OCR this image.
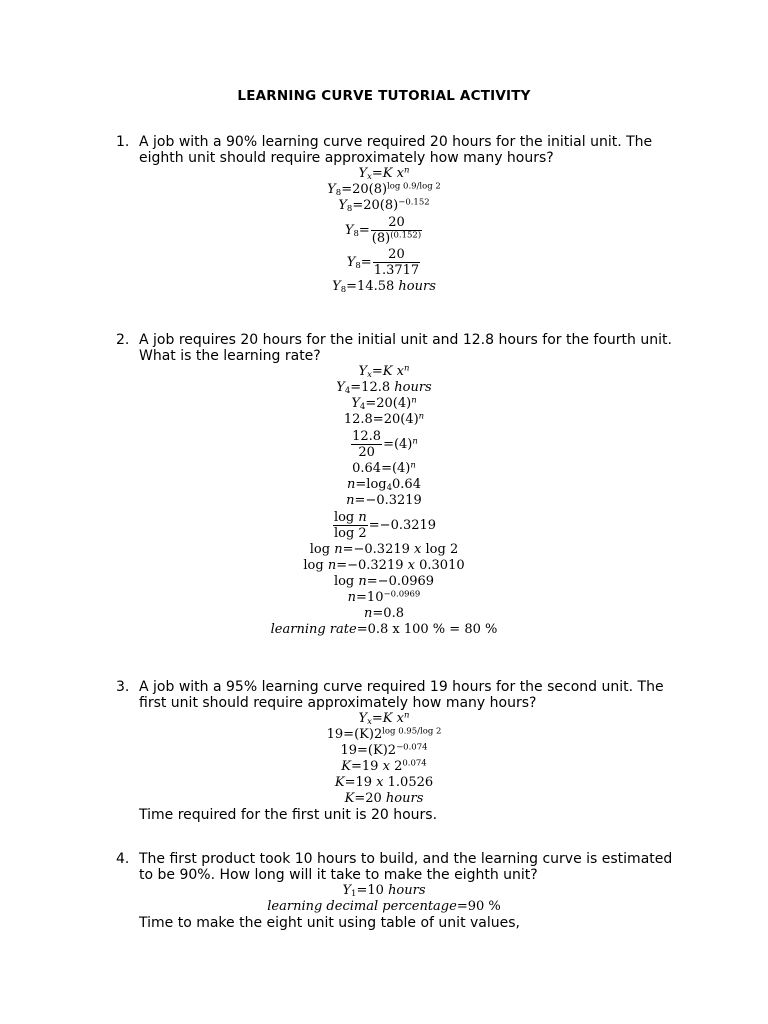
LEARNING CURVE TUTORIAL ACTIVITY
1. A job with a 90% learning curve required 20 hours for the initial unit. The eighth unit should require approximately how many hours?
$Y_x=K$ $x^n$
$Y_8=20(8)^{log 0.9/log 2}$
$Y_8=20(8)^{-0.152}$
$Y_8= \frac{20}{(8)^{(0.152)}}$
$Y_8= \frac{20}{1.3717}$
$Y_8=14.58$ hours
2. A job requires 20 hours for the initial unit and 12.8 hours for the fourth unit. What is the learning rate?
$Y_x=K$ $x^n$
$Y_4=12.8$ hours
$Y_4=20(4)^n$
$12.8=20(4)^n$
$\frac{12.8}{20} =(4)^n$
$0.64=(4)^n$
$n=\log_40.64$
n=−0.3219
$\frac{\text{log n}}{\log 2} =-0.3219$
log n=−0.3219 x log 2
log n=−0.3219 x 0.3010
log n=−0.0969
$n=10^{-0.0969}$
n=0.8
learning rate=0.8 x 100 % = 80 %
3. A job with a 95% learning curve required 19 hours for the second unit. The first unit should require approximately how many hours?
$Y_x=K$ $x^n$
$19=(K)2^{log 0.95/log 2}$
$19=(K)2^{-0.074}$
K=19 x $2^{0.074}$
K=19 x 1.0526
K=20 hours
Time required for the first unit is 20 hours.
4. The first product took 10 hours to build, and the learning curve is estimated to be 90%. How long will it take to make the eighth unit?
$Y_1=10$ hours
learning decimal percentage=90 %
Time to make the eight unit using table of unit values,
